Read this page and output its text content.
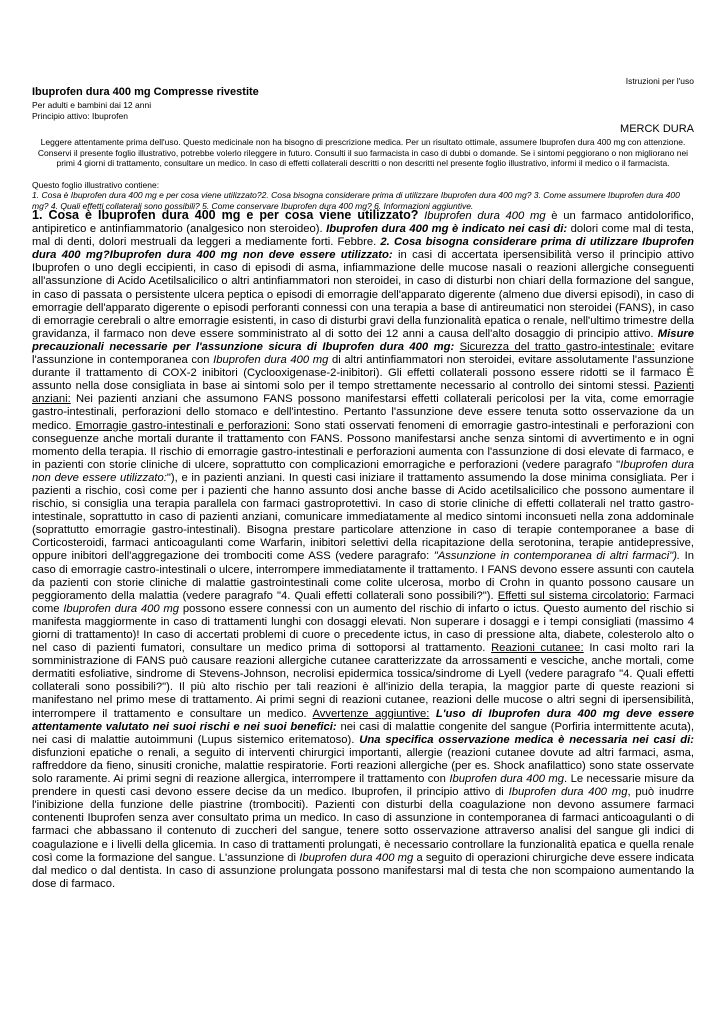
Istruzioni per l'uso
Ibuprofen dura 400 mg Compresse rivestite
Per adulti e bambini dai 12 anni
Principio attivo: Ibuprofen
MERCK DURA
Leggere attentamente prima dell'uso. Questo medicinale non ha bisogno di prescrizione medica. Per un risultato ottimale, assumere Ibuprofen dura 400 mg con attenzione. Conservi il presente foglio illustrativo, potrebbe volerlo rileggere in futuro. Consulti il suo farmacista in caso di dubbi o domande. Se i sintomi peggiorano o non migliorano nei primi 4 giorni di trattamento, consultare un medico. In caso di effetti collaterali descritti o non descritti nel presente foglio illustrativo, informi il medico o il farmacista.
Questo foglio illustrativo contiene:
1. Cosa è Ibuprofen dura 400 mg e per cosa viene utilizzato?2. Cosa bisogna considerare prima di utilizzare Ibuprofen dura 400 mg? 3. Come assumere Ibuprofen dura 400 mg? 4. Quali effetti collaterali sono possibili? 5. Come conservare Ibuprofen dura 400 mg? 6. Informazioni aggiuntive.
1. Cosa è Ibuprofen dura 400 mg e per cosa viene utilizzato? Ibuprofen dura 400 mg è un farmaco antidolorifico, antipiretico e antinfiammatorio (analgesico non steroideo). Ibuprofen dura 400 mg è indicato nei casi di: dolori come mal di testa, mal di denti, dolori mestruali da leggeri a mediamente forti. Febbre. 2. Cosa bisogna considerare prima di utilizzare Ibuprofen dura 400 mg?Ibuprofen dura 400 mg non deve essere utilizzato: in casi di accertata ipersensibilità verso il principio attivo Ibuprofen o uno degli eccipienti, in caso di episodi di asma, infiammazione delle mucose nasali o reazioni allergiche conseguenti all'assunzione di Acido Acetilsalicilico o altri antinfiammatori non steroidei, in caso di disturbi non chiari della formazione del sangue, in caso di passata o persistente ulcera peptica o episodi di emorragie dell'apparato digerente (almeno due diversi episodi), in caso di emorragie dell'apparato digerente o episodi perforanti connessi con una terapia a base di antireumatici non steroidei (FANS), in caso di emorragie cerebrali o altre emorragie esistenti, in caso di disturbi gravi della funzionalità epatica o renale, nell'ultimo trimestre della gravidanza, il farmaco non deve essere somministrato al di sotto dei 12 anni a causa dell'alto dosaggio di principio attivo. Misure precauzionali necessarie per l'assunzione sicura di Ibuprofen dura 400 mg: Sicurezza del tratto gastro-intestinale: evitare l'assunzione in contemporanea con Ibuprofen dura 400 mg di altri antinfiammatori non steroidei, evitare assolutamente l'assunzione durante il trattamento di COX-2 inibitori (Cyclooxigenase-2-inibitori). Gli effetti collaterali possono essere ridotti se il farmaco È assunto nella dose consigliata in base ai sintomi solo per il tempo strettamente necessario al controllo dei sintomi stessi. Pazienti anziani: Nei pazienti anziani che assumono FANS possono manifestarsi effetti collaterali pericolosi per la vita, come emorragie gastro-intestinali, perforazioni dello stomaco e dell'intestino. Pertanto l'assunzione deve essere tenuta sotto osservazione da un medico. Emorragie gastro-intestinali e perforazioni: Sono stati osservati fenomeni di emorragie gastro-intestinali e perforazioni con conseguenze anche mortali durante il trattamento con FANS. Possono manifestarsi anche senza sintomi di avvertimento e in ogni momento della terapia. Il rischio di emorragie gastro-intestinali e perforazioni aumenta con l'assunzione di dosi elevate di farmaco, e in pazienti con storie cliniche di ulcere, soprattutto con complicazioni emorragiche e perforazioni (vedere paragrafo "Ibuprofen dura non deve essere utilizzato:"), e in pazienti anziani. In questi casi iniziare il trattamento assumendo la dose minima consigliata. Per i pazienti a rischio, così come per i pazienti che hanno assunto dosi anche basse di Acido acetilsalicilico che possono aumentare il rischio, si consiglia una terapia parallela con farmaci gastroprotettivi. In caso di storie cliniche di effetti collaterali nel tratto gastro-intestinale, soprattutto in caso di pazienti anziani, comunicare immediatamente al medico sintomi inconsueti nella zona addominale (soprattutto emorragie gastro-intestinali). Bisogna prestare particolare attenzione in caso di terapie contemporanee a base di Corticosteroidi, farmaci anticoagulanti come Warfarin, inibitori selettivi della ricapitazione della serotonina, terapie antidepressive, oppure inibitori dell'aggregazione dei trombociti come ASS (vedere paragrafo: "Assunzione in contemporanea di altri farmaci"). In caso di emorragie castro-intestinali o ulcere, interrompere immediatamente il trattamento. I FANS devono essere assunti con cautela da pazienti con storie cliniche di malattie gastrointestinali come colite ulcerosa, morbo di Crohn in quanto possono causare un peggioramento della malattia (vedere paragrafo "4. Quali effetti collaterali sono possibili?"). Effetti sul sistema circolatorio: Farmaci come Ibuprofen dura 400 mg possono essere connessi con un aumento del rischio di infarto o ictus. Questo aumento del rischio si manifesta maggiormente in caso di trattamenti lunghi con dosaggi elevati. Non superare i dosaggi e i tempi consigliati (massimo 4 giorni di trattamento)! In caso di accertati problemi di cuore o precedente ictus, in caso di pressione alta, diabete, colesterolo alto o nel caso di pazienti fumatori, consultare un medico prima di sottoporsi al trattamento. Reazioni cutanee: In casi molto rari la somministrazione di FANS può causare reazioni allergiche cutanee caratterizzate da arrossamenti e vesciche, anche mortali, come dermatiti esfoliative, sindrome di Stevens-Johnson, necrolisi epidermica tossica/sindrome di Lyell (vedere paragrafo "4. Quali effetti collaterali sono possibili?"). Il più alto rischio per tali reazioni è all'inizio della terapia, la maggior parte di queste reazioni si manifestano nel primo mese di trattamento. Ai primi segni di reazioni cutanee, reazioni delle mucose o altri segni di ipersensibilità, interrompere il trattamento e consultare un medico. Avvertenze aggiuntive: L'uso di Ibuprofen dura 400 mg deve essere attentamente valutato nei suoi rischi e nei suoi benefici: nei casi di malattie congenite del sangue (Porfiria intermittente acuta), nei casi di malattie autoimmuni (Lupus sistemico eritematoso). Una specifica osservazione medica è necessaria nei casi di: disfunzioni epatiche o renali, a seguito di interventi chirurgici importanti, allergie (reazioni cutanee dovute ad altri farmaci, asma, raffreddore da fieno, sinusiti croniche, malattie respiratorie. Forti reazioni allergiche (per es. Shock anafilattico) sono state osservate solo raramente. Ai primi segni di reazione allergica, interrompere il trattamento con Ibuprofen dura 400 mg. Le necessarie misure da prendere in questi casi devono essere decise da un medico. Ibuprofen, il principio attivo di Ibuprofen dura 400 mg, può inudrre l'inibizione della funzione delle piastrine (trombociti). Pazienti con disturbi della coagulazione non devono assumere farmaci contenenti Ibuprofen senza aver consultato prima un medico. In caso di assunzione in contemporanea di farmaci anticoagulanti o di farmaci che abbassano il contenuto di zuccheri del sangue, tenere sotto osservazione attraverso analisi del sangue gli indici di coagulazione e i livelli della glicemia. In caso di trattamenti prolungati, è necessario controllare la funzionalità epatica e quella renale così come la formazione del sangue. L'assunzione di Ibuprofen dura 400 mg a seguito di operazioni chirurgiche deve essere indicata dal medico o dal dentista. In caso di assunzione prolungata possono manifestarsi mal di testa che non scompaiono aumentando la dose di farmaco.
